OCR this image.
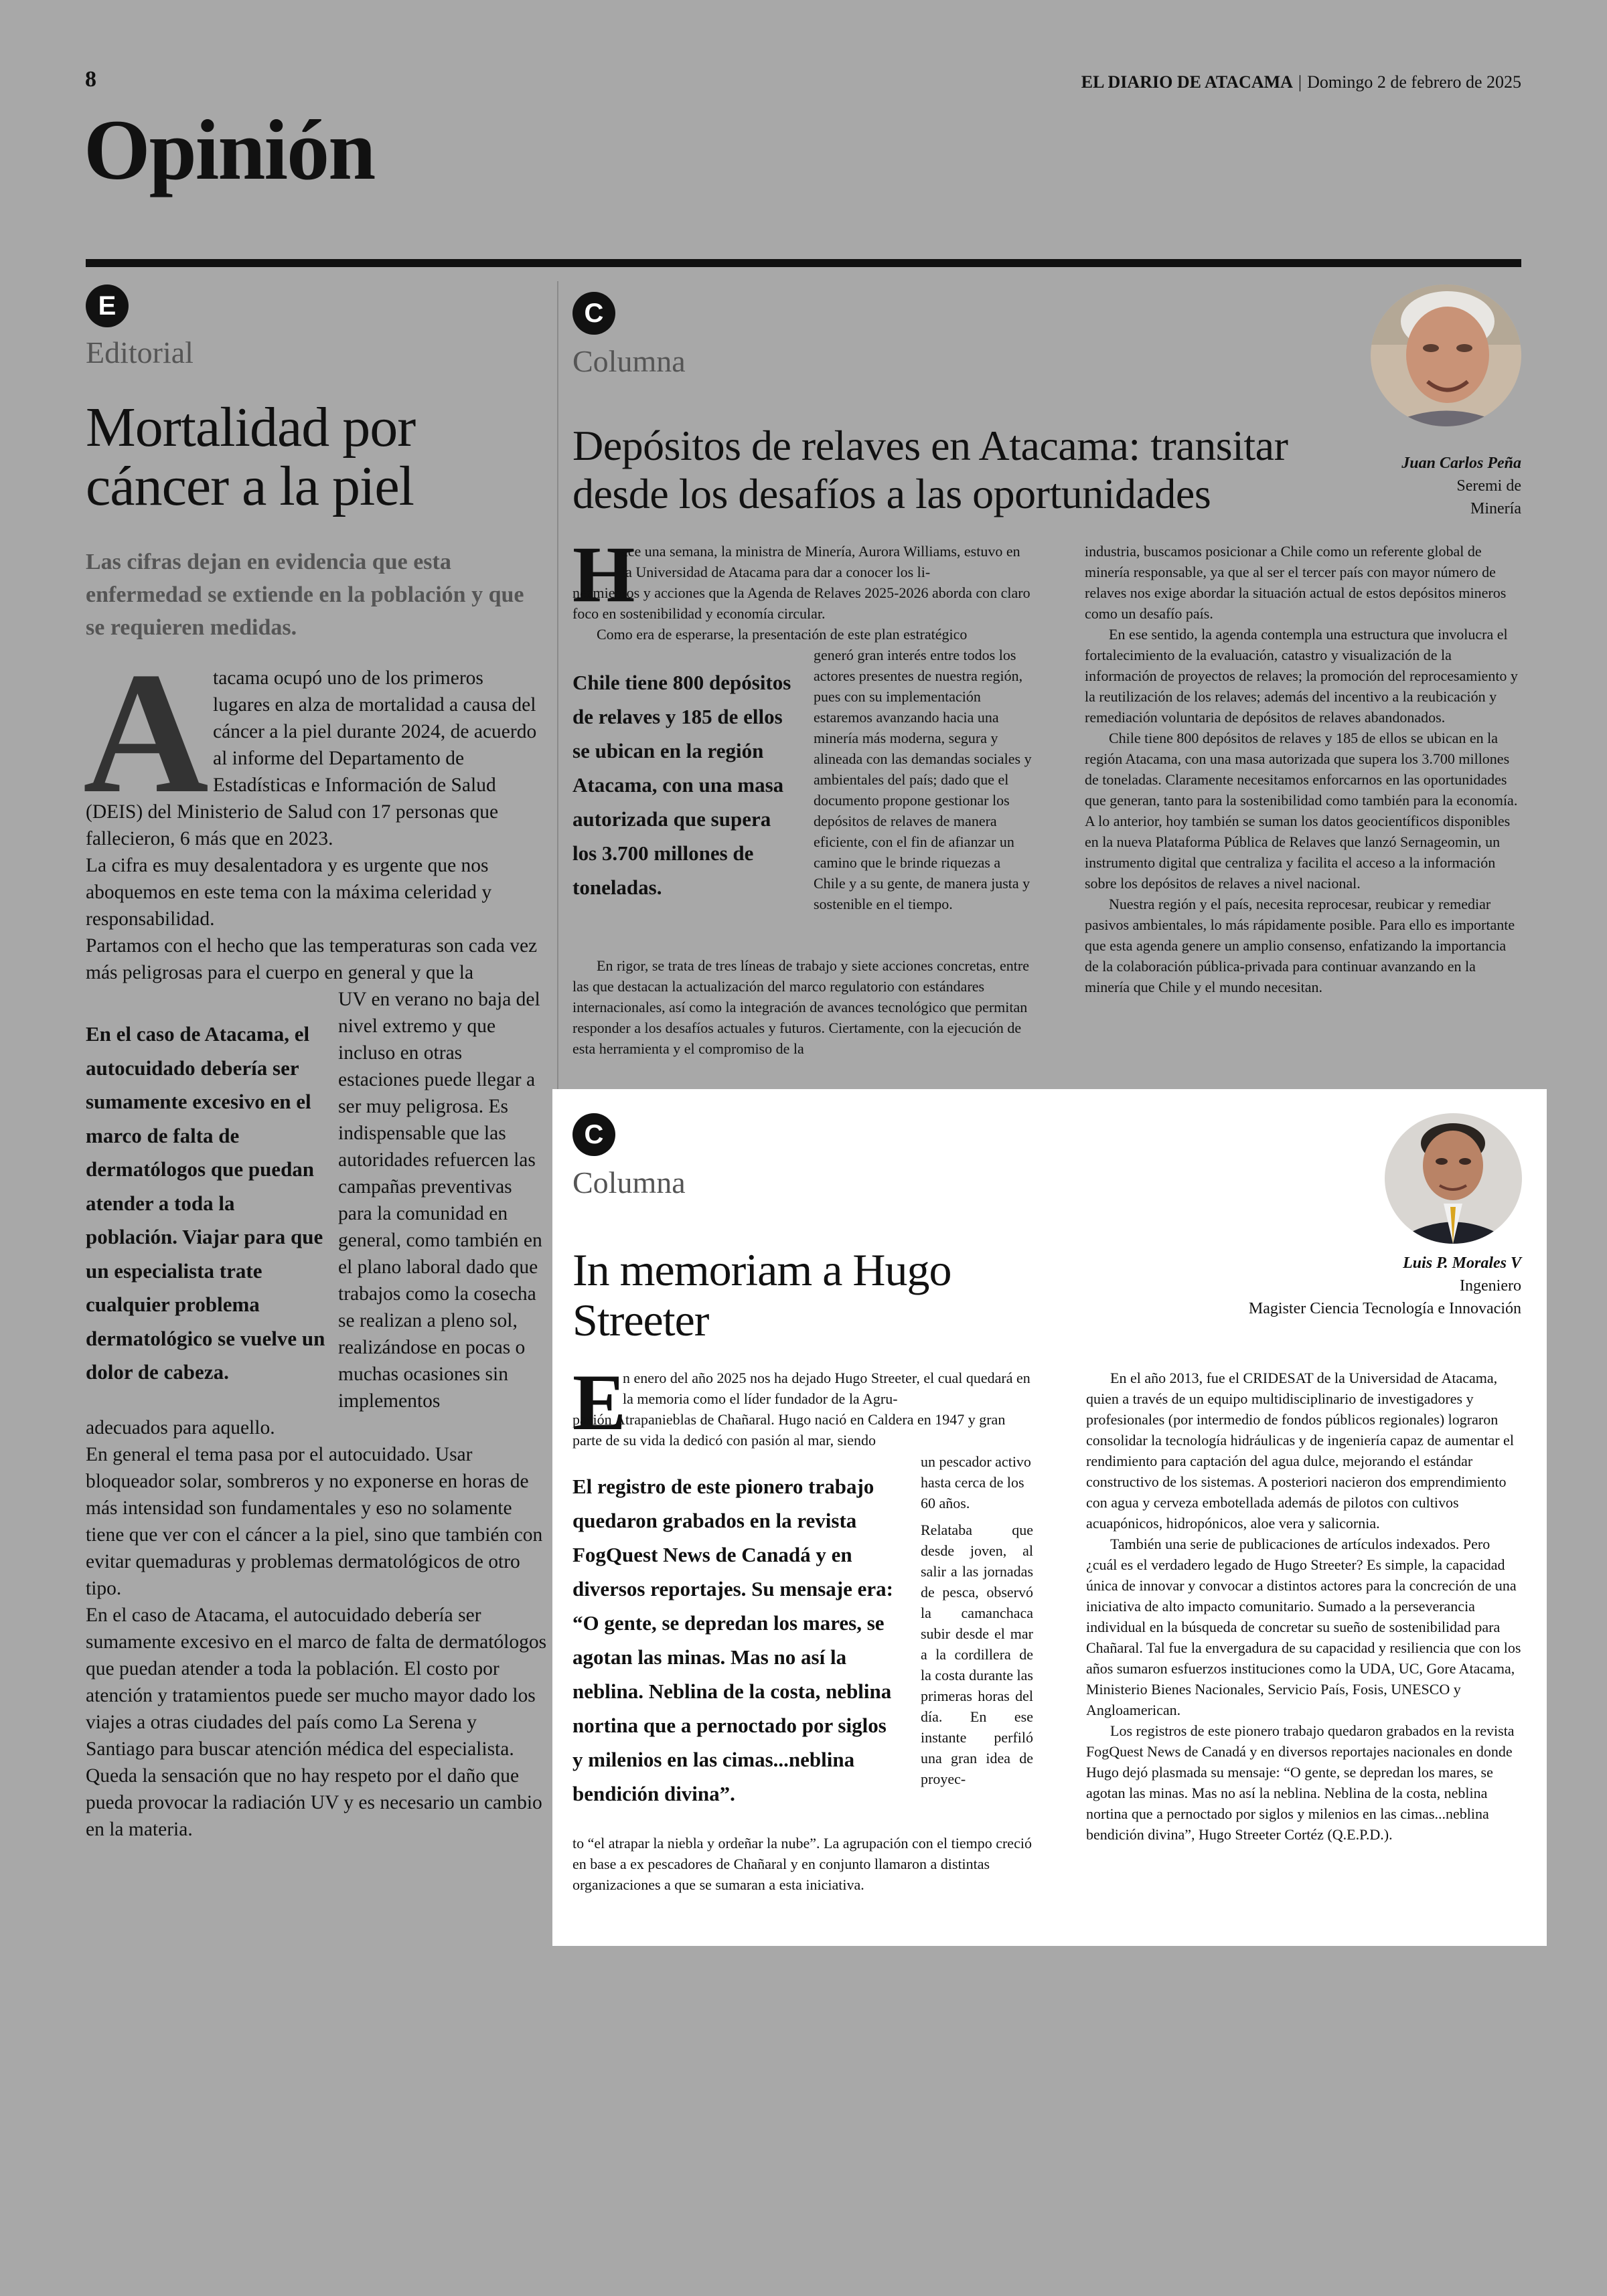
8	EL DIARIO DE ATACAMA | Domingo 2 de febrero de 2025
Opinión
E
Editorial
Mortalidad por cáncer a la piel
Las cifras dejan en evidencia que esta enfermedad se extiende en la población y que se requieren medidas.
A tacama ocupó uno de los primeros lugares en alza de mortalidad a causa del cáncer a la piel durante 2024, de acuerdo al informe del Departamento de Estadísticas e Información de Salud
(DEIS) del Ministerio de Salud con 17 personas que fallecieron, 6 más que en 2023.
La cifra es muy desalentadora y es urgente que nos aboquemos en este tema con la máxima celeridad y responsabilidad.
Partamos con el hecho que las temperaturas son cada vez más peligrosas para el cuerpo en general y que la
UV en verano no baja del nivel extremo y que incluso en otras estaciones puede llegar a ser muy peligrosa. Es indispensable que las autoridades refuercen las campañas preventivas para la comunidad en general, como también en el plano laboral dado que trabajos como la cosecha se realizan a pleno sol, realizándose en pocas o muchas ocasiones sin implementos
En el caso de Atacama, el autocuidado debería ser sumamente excesivo en el marco de falta de dermatólogos que puedan atender a toda la población. Viajar para que un especialista trate cualquier problema dermatológico se vuelve un dolor de cabeza.
adecuados para aquello.
En general el tema pasa por el autocuidado. Usar bloqueador solar, sombreros y no exponerse en horas de más intensidad son fundamentales y eso no solamente tiene que ver con el cáncer a la piel, sino que también con evitar quemaduras y problemas dermatológicos de otro tipo.
En el caso de Atacama, el autocuidado debería ser sumamente excesivo en el marco de falta de dermatólogos que puedan atender a toda la población. El costo por atención y tratamientos puede ser mucho mayor dado los viajes a otras ciudades del país como La Serena y Santiago para buscar atención médica del especialista.
Queda la sensación que no hay respeto por el daño que pueda provocar la radiación UV y es necesario un cambio en la materia.
C
Columna
Depósitos de relaves en Atacama: transitar desde los desafíos a las oportunidades
Juan Carlos Peña
Seremi de
Minería
H
ace una semana, la ministra de Minería, Aurora Williams, estuvo en la Universidad de Atacama para dar a conocer los li-
neamientos y acciones que la Agenda de Relaves 2025-2026 aborda con claro foco en sostenibilidad y economía circular.
Como era de esperarse, la presentación de este plan estratégico
generó gran interés entre todos los actores presentes de nuestra región, pues con su implementación estaremos avanzando hacia una minería más moderna, segura y alineada con las demandas sociales y ambientales del país; dado que el documento propone gestionar los depósitos de relaves de manera eficiente, con el fin de afianzar un camino que le brinde riquezas a Chile y a su gente, de manera justa y sostenible en el tiempo.
Chile tiene 800 depósitos de relaves y 185 de ellos se ubican en la región Atacama, con una masa autorizada que supera los 3.700 millones de toneladas.
En rigor, se trata de tres líneas de trabajo y siete acciones concretas, entre las que destacan la actualización del marco regulatorio con estándares internacionales, así como la integración de avances tecnológico que permitan responder a los desafíos actuales y futuros. Ciertamente, con la ejecución de esta herramienta y el compromiso de la

industria, buscamos posicionar a Chile como un referente global de minería responsable, ya que al ser el tercer país con mayor número de relaves nos exige abordar la situación actual de estos depósitos mineros como un desafío país.

En ese sentido, la agenda contempla una estructura que involucra el fortalecimiento de la evaluación, catastro y visualización de la información de proyectos de relaves; la promoción del reprocesamiento y la reutilización de los relaves; además del incentivo a la reubicación y remediación voluntaria de depósitos de relaves abandonados.

Chile tiene 800 depósitos de relaves y 185 de ellos se ubican en la región Atacama, con una masa autorizada que supera los 3.700 millones de toneladas. Claramente necesitamos enforcarnos en las oportunidades que generan, tanto para la sostenibilidad como también para la economía. A lo anterior, hoy también se suman los datos geocientíficos disponibles en la nueva Plataforma Pública de Relaves que lanzó Sernageomin, un instrumento digital que centraliza y facilita el acceso a la información sobre los depósitos de relaves a nivel nacional.

Nuestra región y el país, necesita reprocesar, reubicar y remediar pasivos ambientales, lo más rápidamente posible. Para ello es importante que esta agenda genere un amplio consenso, enfatizando la importancia de la colaboración pública-privada para continuar avanzando en la minería que Chile y el mundo necesitan.

C
Columna
In memoriam a Hugo Streeter
Luis P. Morales V
Ingeniero
Magister Ciencia Tecnología e Innovación
E
n enero del año 2025 nos ha dejado Hugo Streeter, el cual quedará en la memoria como el líder fundador de la Agru-
pación Atrapanieblas de Chañaral. Hugo nació en Caldera en 1947 y gran parte de su vida la dedicó con pasión al mar, siendo
un pescador activo hasta cerca de los 60 años.
El registro de este pionero trabajo quedaron grabados en la revista FogQuest News de Canadá y en diversos reportajes. Su mensaje era: “O gente, se depredan los mares, se agotan las minas. Mas no así la neblina. Neblina de la costa, neblina nortina que a pernoctado por siglos y milenios en las cimas...neblina bendición divina”.
Relataba que desde joven, al salir a las jornadas de pesca, observó la camanchaca subir desde el mar a la cordillera de la costa durante las primeras horas del día. En ese instante perfiló una gran idea de proyec-
to “el atrapar la niebla y ordeñar la nube”. La agrupación con el tiempo creció en base a ex pescadores de Chañaral y en conjunto llamaron a distintas organizaciones a que se sumaran a esta iniciativa.

En el año 2013, fue el CRIDESAT de la Universidad de Atacama, quien a través de un equipo multidisciplinario de investigadores y profesionales (por intermedio de fondos públicos regionales) lograron consolidar la tecnología hidráulicas y de ingeniería capaz de aumentar el rendimiento para captación del agua dulce, mejorando el estándar constructivo de los sistemas. A posteriori nacieron dos emprendimiento con agua y cerveza embotellada además de pilotos con cultivos acuapónicos, hidropónicos, aloe vera y salicornia.

También una serie de publicaciones de artículos indexados. Pero ¿cuál es el verdadero legado de Hugo Streeter? Es simple, la capacidad única de innovar y convocar a distintos actores para la concreción de una iniciativa de alto impacto comunitario. Sumado a la perseverancia individual en la búsqueda de concretar su sueño de sostenibilidad para Chañaral. Tal fue la envergadura de su capacidad y resiliencia que con los años sumaron esfuerzos instituciones como la UDA, UC, Gore Atacama, Ministerio Bienes Nacionales, Servicio País, Fosis, UNESCO y Angloamerican.

Los registros de este pionero trabajo quedaron grabados en la revista FogQuest News de Canadá y en diversos reportajes nacionales en donde Hugo dejó plasmada su mensaje: “O gente, se depredan los mares, se agotan las minas. Mas no así la neblina. Neblina de la costa, neblina nortina que a pernoctado por siglos y milenios en las cimas...neblina bendición divina”, Hugo Streeter Cortéz (Q.E.P.D.).
